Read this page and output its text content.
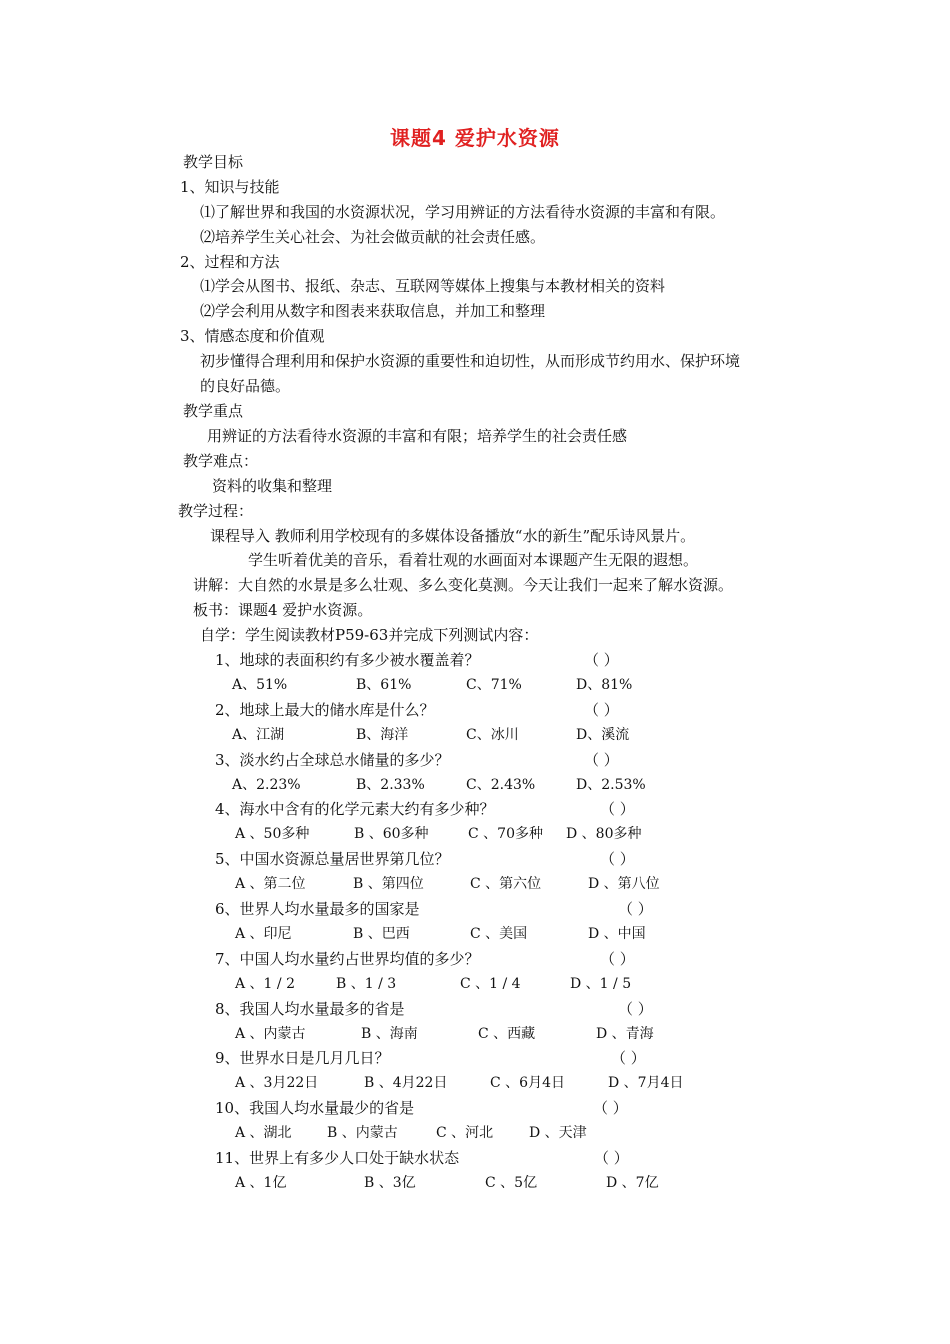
课题4 爱护水资源
教学目标
1、知识与技能
⑴了解世界和我国的水资源状况，学习用辨证的方法看待水资源的丰富和有限。
⑵培养学生关心社会、为社会做贡献的社会责任感。
2、过程和方法
⑴学会从图书、报纸、杂志、互联网等媒体上搜集与本教材相关的资料
⑵学会利用从数字和图表来获取信息，并加工和整理
3、情感态度和价值观
初步懂得合理利用和保护水资源的重要性和迫切性，从而形成节约用水、保护环境
的良好品德。
教学重点
用辨证的方法看待水资源的丰富和有限；培养学生的社会责任感
教学难点：
资料的收集和整理
教学过程：
课程导入 教师利用学校现有的多媒体设备播放“水的新生”配乐诗风景片。
学生听着优美的音乐，看着壮观的水画面对本课题产生无限的遐想。
讲解：大自然的水景是多么壮观、多么变化莫测。今天让我们一起来了解水资源。
板书：课题4 爱护水资源。
自学：学生阅读教材P59-63并完成下列测试内容：
1、地球的表面积约有多少被水覆盖着？	（ ）
A、51%	B、61%	C、71%	D、81%
2、地球上最大的储水库是什么？	（ ）
A、江湖	B、海洋	C、冰川	D、溪流
3、淡水约占全球总水储量的多少？	（ ）
A、2.23%	B、2.33%	C、2.43%	D、2.53%
4、海水中含有的化学元素大约有多少种？	（ ）
A 、50多种	B 、60多种	C 、70多种 D 、80多种
5、中国水资源总量居世界第几位？	（ ）
A 、第二位	B 、第四位	C 、第六位	D 、第八位
6、世界人均水量最多的国家是	（ ）
A 、印尼	B 、巴西	C 、美国	D 、中国
7、中国人均水量约占世界均值的多少？	（ ）
A 、1 / 2	B 、1 / 3	C 、1 / 4	D 、1 / 5
8、我国人均水量最多的省是	（ ）
A 、内蒙古	B 、海南	C 、西藏	D 、青海
9、世界水日是几月几日？	（ ）
A 、3月22日	B 、4月22日	C 、6月4日	D 、7月4日
10、我国人均水量最少的省是	（ ）
A 、湖北	B 、内蒙古	C 、河北	D 、天津
11、世界上有多少人口处于缺水状态	（ ）
A 、1亿	B 、3亿	C 、5亿	D 、7亿
